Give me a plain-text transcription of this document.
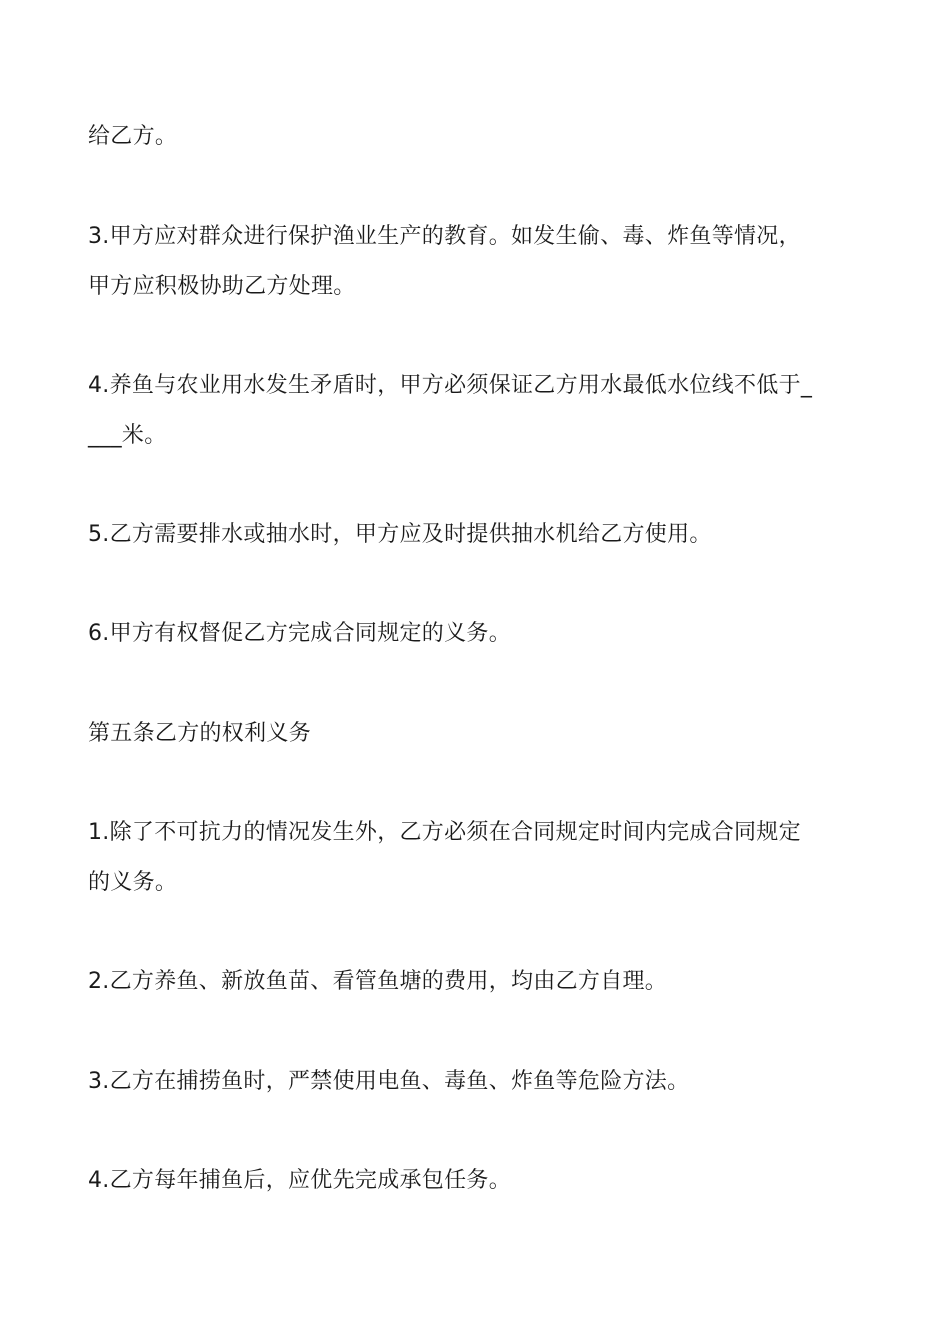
给乙方。

3.甲方应对群众进行保护渔业生产的教育。如发生偷、毒、炸鱼等情况，
甲方应积极协助乙方处理。

4.养鱼与农业用水发生矛盾时，甲方必须保证乙方用水最低水位线不低于_
___米。

5.乙方需要排水或抽水时，甲方应及时提供抽水机给乙方使用。

6.甲方有权督促乙方完成合同规定的义务。

第五条乙方的权利义务

1.除了不可抗力的情况发生外，乙方必须在合同规定时间内完成合同规定
的义务。

2.乙方养鱼、新放鱼苗、看管鱼塘的费用，均由乙方自理。

3.乙方在捕捞鱼时，严禁使用电鱼、毒鱼、炸鱼等危险方法。

4.乙方每年捕鱼后，应优先完成承包任务。
